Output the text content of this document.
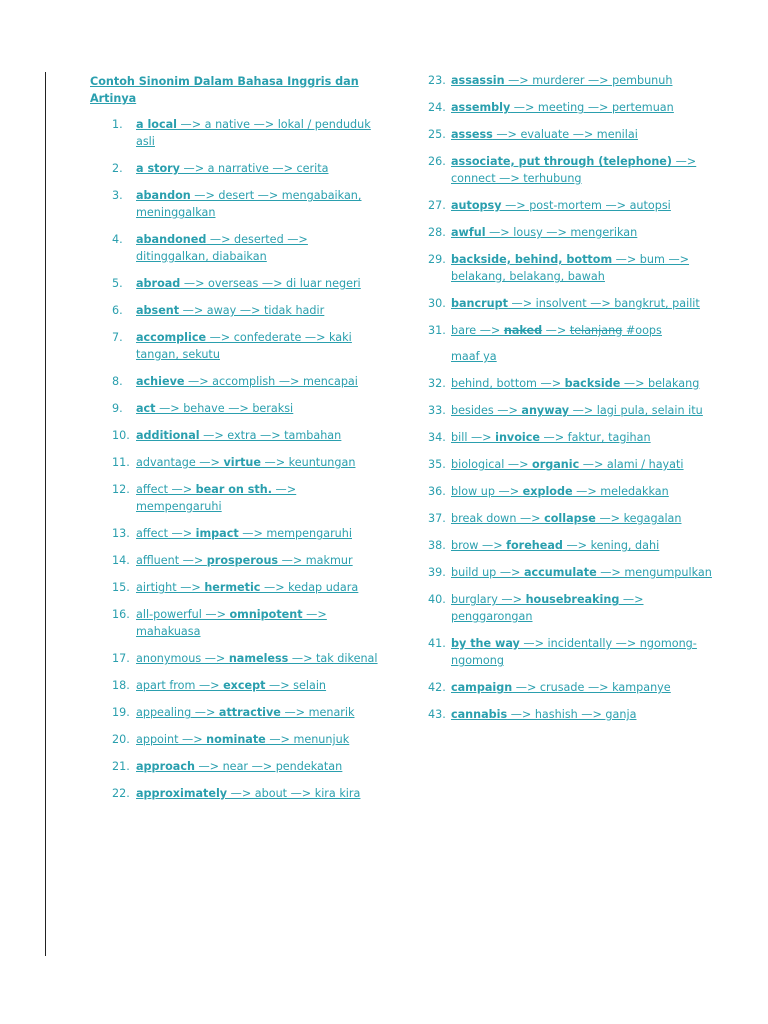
Contoh Sinonim Dalam Bahasa Inggris dan Artinya
1. a local —> a native —> lokal / penduduk asli
2. a story —> a narrative —> cerita
3. abandon —> desert —> mengabaikan, meninggalkan
4. abandoned —> deserted —> ditinggalkan, diabaikan
5. abroad —> overseas —> di luar negeri
6. absent —> away —> tidak hadir
7. accomplice —> confederate —> kaki tangan, sekutu
8. achieve —> accomplish —> mencapai
9. act —> behave —> beraksi
10. additional —> extra —> tambahan
11. advantage —> virtue —> keuntungan
12. affect —> bear on sth. —> mempengaruhi
13. affect —> impact —> mempengaruhi
14. affluent —> prosperous —> makmur
15. airtight —> hermetic —> kedap udara
16. all-powerful —> omnipotent —> mahakuasa
17. anonymous —> nameless —> tak dikenal
18. apart from —> except —> selain
19. appealing —> attractive —> menarik
20. appoint —> nominate —> menunjuk
21. approach —> near —> pendekatan
22. approximately —> about —> kira kira
23. assassin —> murderer —> pembunuh
24. assembly —> meeting —> pertemuan
25. assess —> evaluate —> menilai
26. associate, put through (telephone) —> connect —> terhubung
27. autopsy —> post-mortem —> autopsi
28. awful —> lousy —> mengerikan
29. backside, behind, bottom —> bum —> belakang, belakang, bawah
30. bancrupt —> insolvent —> bangkrut, pailit
31. bare —> naked —> telanjang #oops
maaf ya
32. behind, bottom —> backside —> belakang
33. besides —> anyway —> lagi pula, selain itu
34. bill —> invoice —> faktur, tagihan
35. biological —> organic —> alami / hayati
36. blow up —> explode —> meledakkan
37. break down —> collapse —> kegagalan
38. brow —> forehead —> kening, dahi
39. build up —> accumulate —> mengumpulkan
40. burglary —> housebreaking —> penggarongan
41. by the way —> incidentally —> ngomong-ngomong
42. campaign —> crusade —> kampanye
43. cannabis —> hashish —> ganja
